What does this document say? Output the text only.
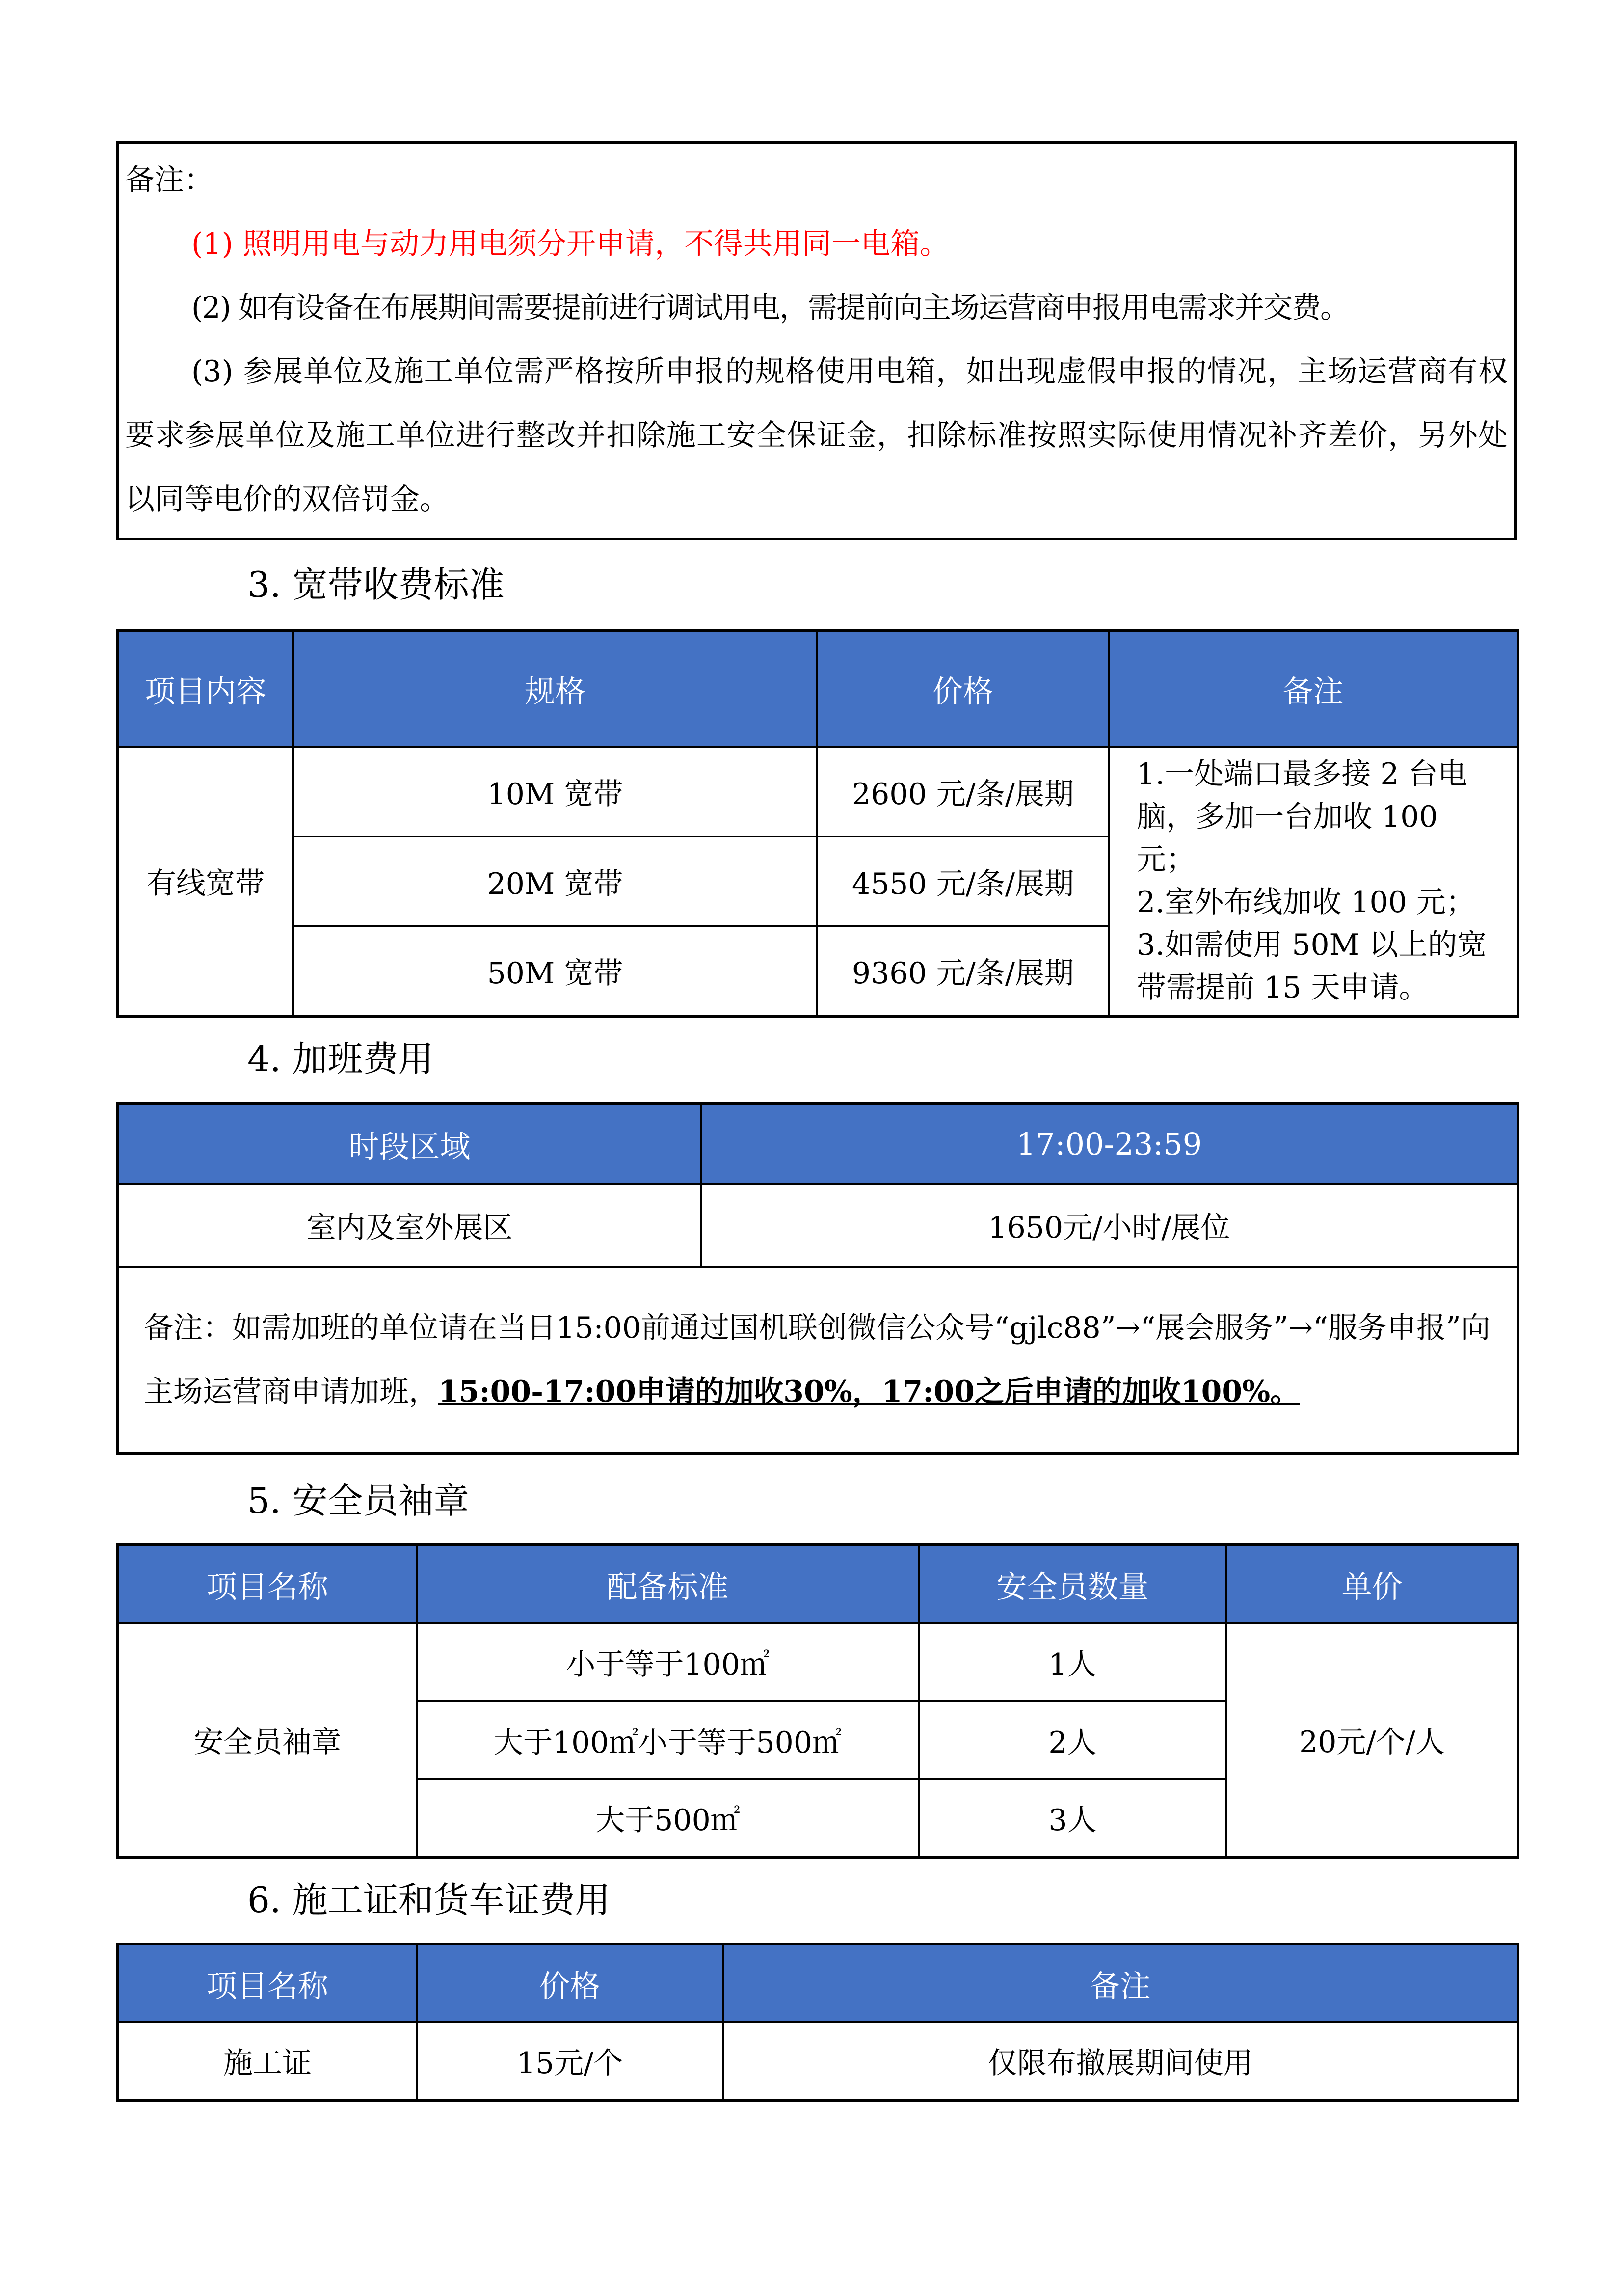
备注：

(1) 照明用电与动力用电须分开申请，不得共用同一电箱。

(2) 如有设备在布展期间需要提前进行调试用电，需提前向主场运营商申报用电需求并交费。

(3) 参展单位及施工单位需严格按所申报的规格使用电箱，如出现虚假申报的情况，主场运营商有权要求参展单位及施工单位进行整改并扣除施工安全保证金，扣除标准按照实际使用情况补齐差价，另外处以同等电价的双倍罚金。

3. 宽带收费标准
项目内容	规格	价格	备注
有线宽带	10M 宽带	2600 元/条/展期	1.一处端口最多接 2 台电脑，多加一台加收 100 元；
2.室外布线加收 100 元；
3.如需使用 50M 以上的宽带需提前 15 天申请。

	20M 宽带	4550 元/条/展期	
	50M 宽带	9360 元/条/展期	
4. 加班费用
时段区域	17:00-23:59
室内及室外展区	1650元/小时/展位
备注：如需加班的单位请在当日15:00前通过国机联创微信公众号“gjlc88”→“展会服务”→“服务申报”向主场运营商申请加班，15:00-17:00申请的加收30%，17:00之后申请的加收100%。	
5. 安全员袖章
项目名称	配备标准	安全员数量	单价
安全员袖章	小于等于100㎡	1人	20元/个/人
	大于100㎡小于等于500㎡	2人	
	大于500㎡	3人	
6. 施工证和货车证费用
项目名称	价格	备注
施工证	15元/个	仅限布撤展期间使用
